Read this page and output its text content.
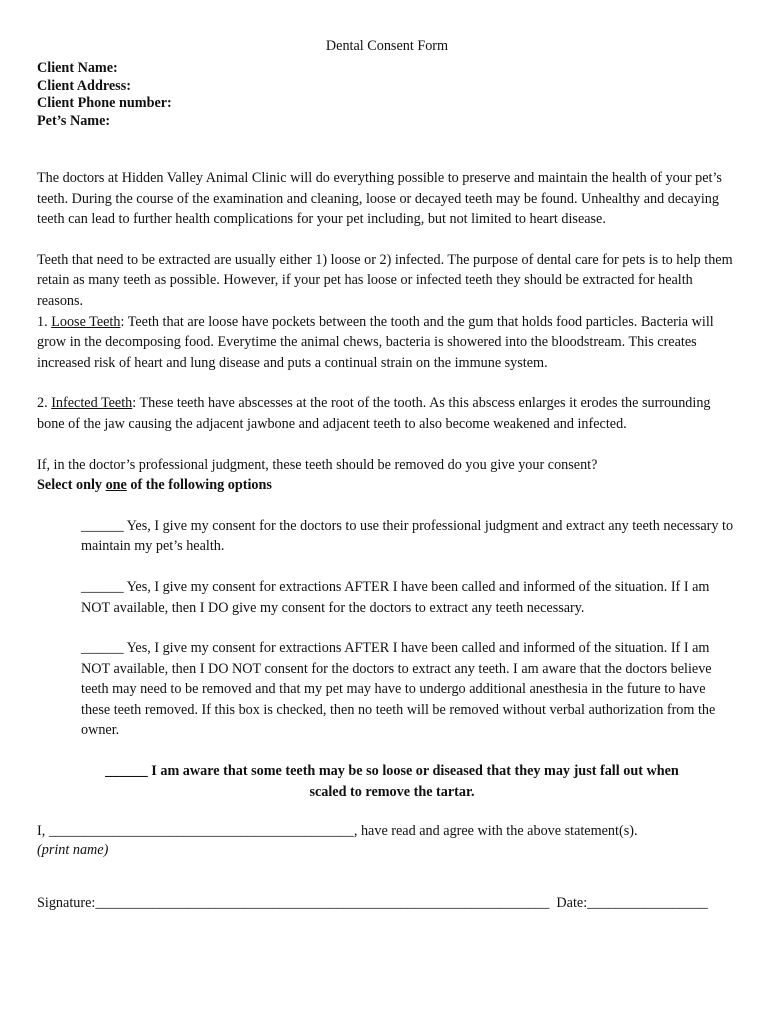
Dental Consent Form
Client Name:
Client Address:
Client Phone number:
Pet’s Name:

The doctors at Hidden Valley Animal Clinic will do everything possible to preserve and maintain the health of your pet’s teeth. During the course of the examination and cleaning, loose or decayed teeth may be found. Unhealthy and decaying teeth can lead to further health complications for your pet including, but not limited to heart disease.

Teeth that need to be extracted are usually either 1) loose or 2) infected. The purpose of dental care for pets is to help them retain as many teeth as possible. However, if your pet has loose or infected teeth they should be extracted for health reasons.

1. Loose Teeth: Teeth that are loose have pockets between the tooth and the gum that holds food particles. Bacteria will grow in the decomposing food. Everytime the animal chews, bacteria is showered into the bloodstream. This creates increased risk of heart and lung disease and puts a continual strain on the immune system.

2. Infected Teeth: These teeth have abscesses at the root of the tooth. As this abscess enlarges it erodes the surrounding bone of the jaw causing the adjacent jawbone and adjacent teeth to also become weakened and infected.

If, in the doctor’s professional judgment, these teeth should be removed do you give your consent?

Select only one of the following options

______ Yes, I give my consent for the doctors to use their professional judgment and extract any teeth necessary to maintain my pet’s health.

______ Yes, I give my consent for extractions AFTER I have been called and informed of the situation. If I am NOT available, then I DO give my consent for the doctors to extract any teeth necessary.

______ Yes, I give my consent for extractions AFTER I have been called and informed of the situation. If I am NOT available, then I DO NOT consent for the doctors to extract any teeth. I am aware that the doctors believe teeth may need to be removed and that my pet may have to undergo additional anesthesia in the future to have these teeth removed. If this box is checked, then no teeth will be removed without verbal authorization from the owner.

______ I am aware that some teeth may be so loose or diseased that they may just fall out when
scaled to remove the tartar.
I, ___________________________________________, have read and agree with the above statement(s).
(print name)
Signature:________________________________________________________________ Date:_________________
